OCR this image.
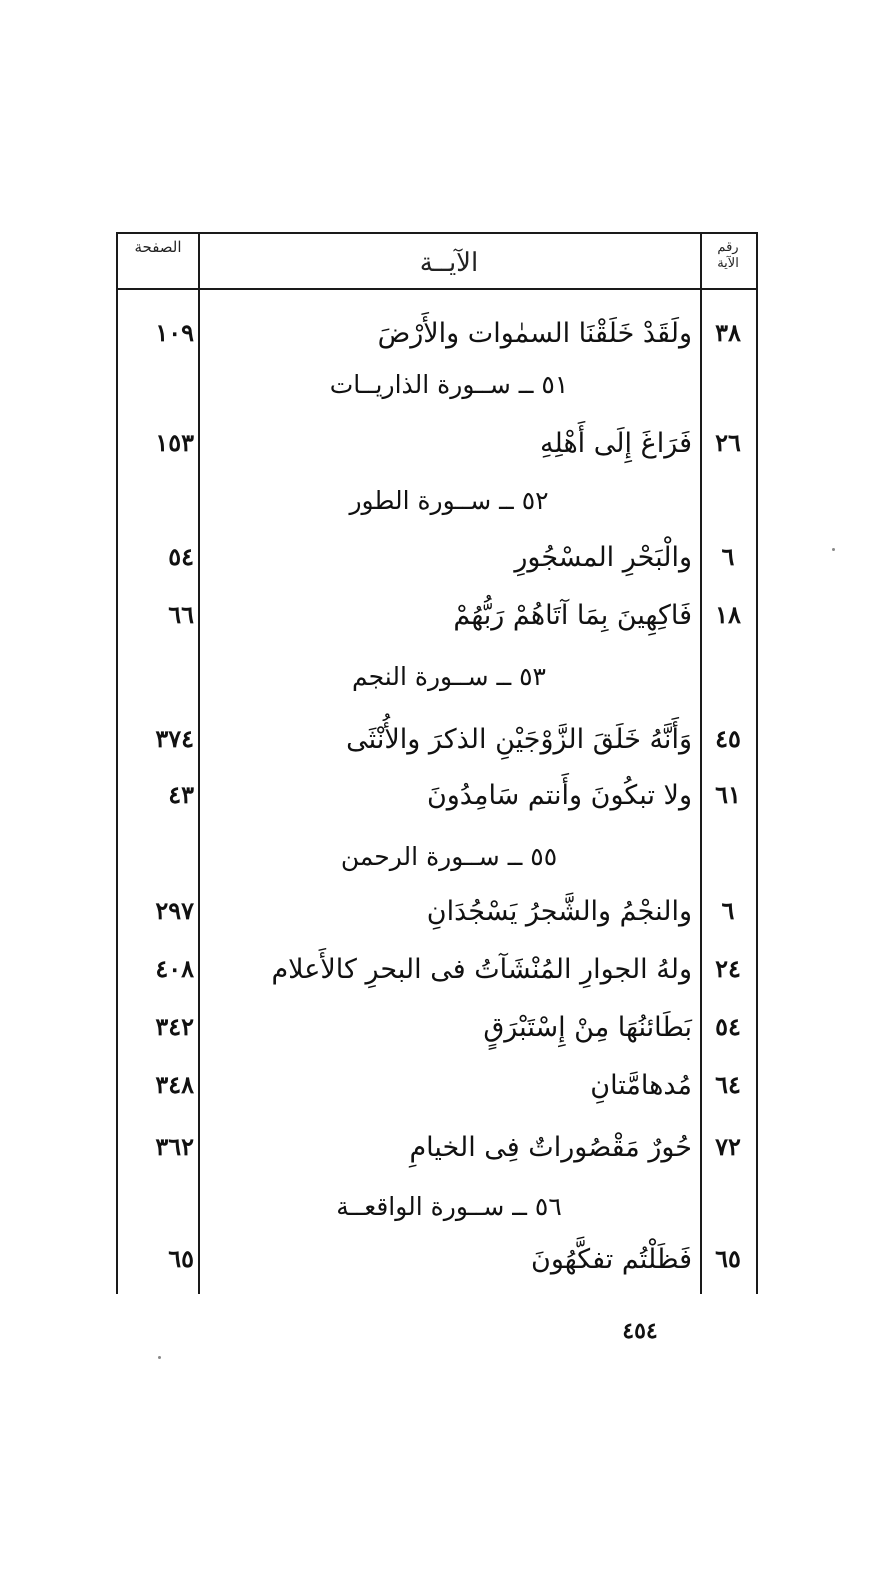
الصفحة
الآيــة
رقم
الآية
٣٨
ولَقَدْ خَلَقْنَا السمٰوات والأَرْضَ
١٠٩
٥١ ــ ســورة الذاريــات
٢٦
فَرَاغَ إِلَى أَهْلِهِ
١٥٣
٥٢ ــ ســورة الطور
٦
والْبَحْرِ المسْجُورِ
٥٤
١٨
فَاكِهِينَ بِمَا آتَاهُمْ رَبُّهُمْ
٦٦
٥٣ ــ ســورة النجم
٤٥
وَأَنَّهُ خَلَقَ الزَّوْجَيْنِ الذكرَ والأُنْثَى
٣٧٤
٦١
ولا تبكُونَ وأَنتم سَامِدُونَ
٤٣
٥٥ ــ ســورة الرحمن
٦
والنجْمُ والشَّجرُ يَسْجُدَانِ
٢٩٧
٢٤
ولهُ الجوارِ المُنْشَآتُ فى البحرِ كالأَعلام
٤٠٨
٥٤
بَطَائنُهَا مِنْ إِسْتَبْرَقٍ
٣٤٢
٦٤
مُدهامَّتانِ
٣٤٨
٧٢
حُورٌ مَقْصُوراتٌ فِى الخيامِ
٣٦٢
٥٦ ــ ســورة الواقعــة
٦٥
فَظَلْتُم تفكَّهُونَ
٦٥
٤٥٤
